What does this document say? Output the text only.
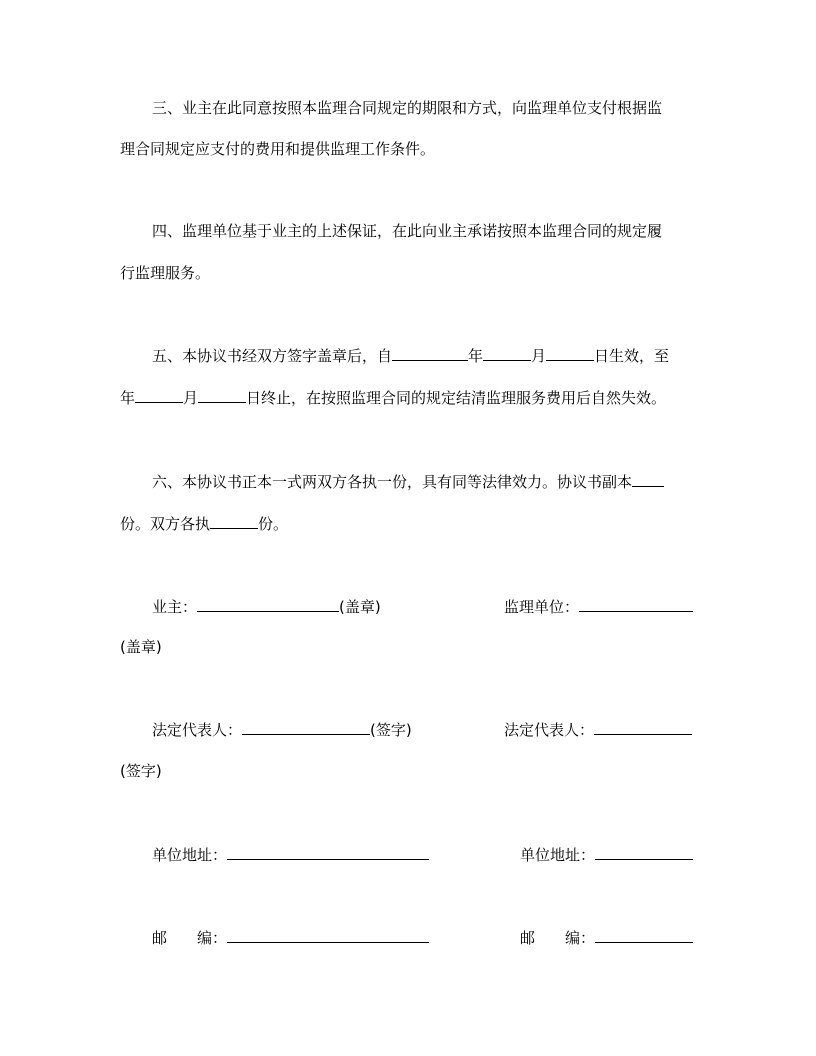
三、业主在此同意按照本监理合同规定的期限和方式，向监理单位支付根据监
理合同规定应支付的费用和提供监理工作条件。
四、监理单位基于业主的上述保证，在此向业主承诺按照本监理合同的规定履
行监理服务。
五、本协议书经双方签字盖章后，自	年	月	日生效，至
年	月	日终止，在按照监理合同的规定结清监理服务费用后自然失效。
六、本协议书正本一式两双方各执一份，具有同等法律效力。协议书副本
份。双方各执	份。
业主：	(盖章)	监理单位：
(盖章)
法定代表人：	(签字)	法定代表人：
(签字)
单位地址：	单位地址：
邮　　编：	邮　　编：
